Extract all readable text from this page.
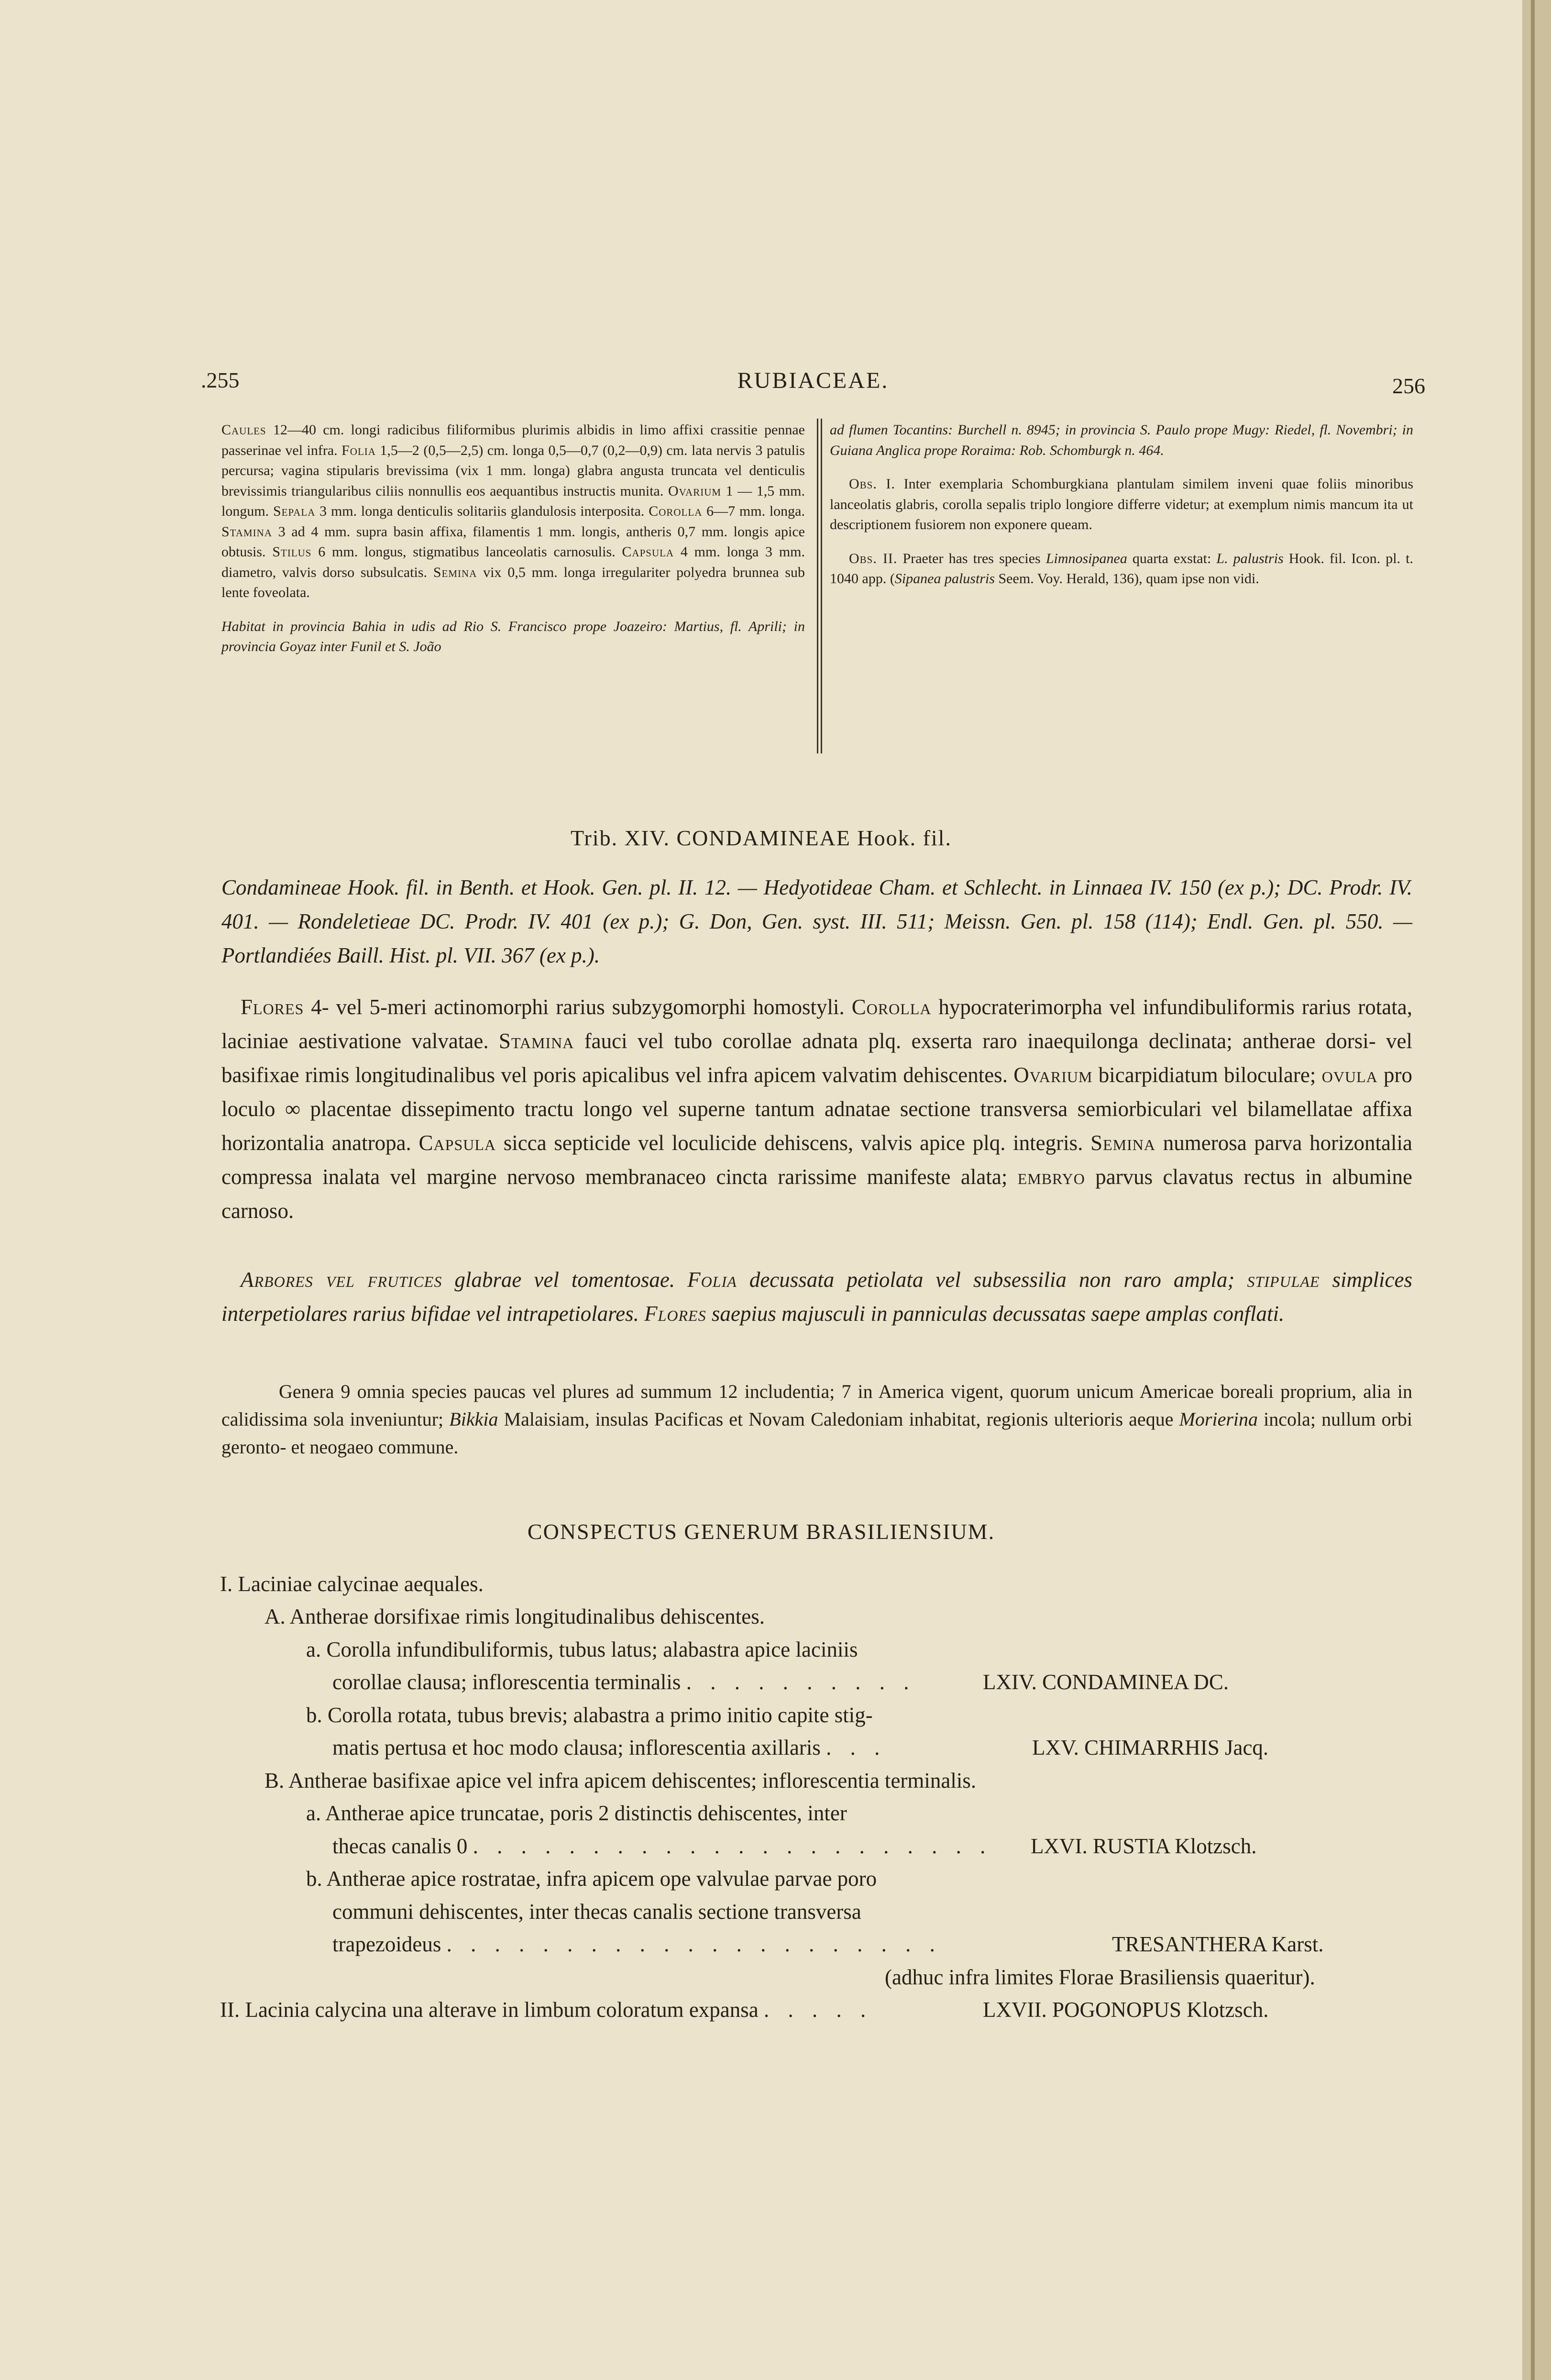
.255	RUBIACEAE.	256

Caules 12—40 cm. longi radicibus filiformibus plurimis albidis in limo affixi crassitie pennae passerinae vel infra. Folia 1,5—2 (0,5—2,5) cm. longa 0,5—0,7 (0,2—0,9) cm. lata nervis 3 patulis percursa; vagina stipularis brevissima (vix 1 mm. longa) glabra angusta truncata vel denticulis brevissimis triangularibus ciliis nonnullis eos aequantibus instructis munita. Ovarium 1 — 1,5 mm. longum. Sepala 3 mm. longa denticulis solitariis glandulosis interposita. Corolla 6—7 mm. longa. Stamina 3 ad 4 mm. supra basin affixa, filamentis 1 mm. longis, antheris 0,7 mm. longis apice obtusis. Stilus 6 mm. longus, stigmatibus lanceolatis carnosulis. Capsula 4 mm. longa 3 mm. diametro, valvis dorso subsulcatis. Semina vix 0,5 mm. longa irregulariter polyedra brunnea sub lente foveolata.

Habitat in provincia Bahia in udis ad Rio S. Francisco prope Joazeiro: Martius, fl. Aprili; in provincia Goyaz inter Funil et S. João

ad flumen Tocantins: Burchell n. 8945; in provincia S. Paulo prope Mugy: Riedel, fl. Novembri; in Guiana Anglica prope Roraima: Rob. Schomburgk n. 464.

Obs. I. Inter exemplaria Schomburgkiana plantulam similem inveni quae foliis minoribus lanceolatis glabris, corolla sepalis triplo longiore differre videtur; at exemplum nimis mancum ita ut descriptionem fusiorem non exponere queam.

Obs. II. Praeter has tres species Limnosipanea quarta exstat: L. palustris Hook. fil. Icon. pl. t. 1040 app. (Sipanea palustris Seem. Voy. Herald, 136), quam ipse non vidi.

Trib. XIV. CONDAMINEAE Hook. fil.
Condamineae Hook. fil. in Benth. et Hook. Gen. pl. II. 12. — Hedyotideae Cham. et Schlecht. in Linnaea IV. 150 (ex p.); DC. Prodr. IV. 401. — Rondeletieae DC. Prodr. IV. 401 (ex p.); G. Don, Gen. syst. III. 511; Meissn. Gen. pl. 158 (114); Endl. Gen. pl. 550. — Portlandiées Baill. Hist. pl. VII. 367 (ex p.).
Flores 4- vel 5-meri actinomorphi rarius subzygomorphi homostyli. Corolla hypocraterimorpha vel infundibuliformis rarius rotata, laciniae aestivatione valvatae. Stamina fauci vel tubo corollae adnata plq. exserta raro inaequilonga declinata; antherae dorsi- vel basifixae rimis longitudinalibus vel poris apicalibus vel infra apicem valvatim dehiscentes. Ovarium bicarpidiatum biloculare; ovula pro loculo ∞ placentae dissepimento tractu longo vel superne tantum adnatae sectione transversa semiorbiculari vel bilamellatae affixa horizontalia anatropa. Capsula sicca septicide vel loculicide dehiscens, valvis apice plq. integris. Semina numerosa parva horizontalia compressa inalata vel margine nervoso membranaceo cincta rarissime manifeste alata; embryo parvus clavatus rectus in albumine carnoso.
Arbores vel frutices glabrae vel tomentosae. Folia decussata petiolata vel subsessilia non raro ampla; stipulae simplices interpetiolares rarius bifidae vel intrapetiolares. Flores saepius majusculi in panniculas decussatas saepe amplas conflati.
Genera 9 omnia species paucas vel plures ad summum 12 includentia; 7 in America vigent, quorum unicum Americae boreali proprium, alia in calidissima sola inveniuntur; Bikkia Malaisiam, insulas Pacificas et Novam Caledoniam inhabitat, regionis ulterioris aeque Morierina incola; nullum orbi geronto- et neogaeo commune.
CONSPECTUS GENERUM BRASILIENSIUM.
I. Laciniae calycinae aequales.
A. Antherae dorsifixae rimis longitudinalibus dehiscentes.
a. Corolla infundibuliformis, tubus latus; alabastra apice laciniis
corollae clausa; inflorescentia terminalis . . . . . . . . . .	LXIV. CONDAMINEA DC.
b. Corolla rotata, tubus brevis; alabastra a primo initio capite stig-
matis pertusa et hoc modo clausa; inflorescentia axillaris . . .	LXV. CHIMARRHIS Jacq.
B. Antherae basifixae apice vel infra apicem dehiscentes; inflorescentia terminalis.
a. Antherae apice truncatae, poris 2 distinctis dehiscentes, inter
thecas canalis 0 . . . . . . . . . . . . . . . . . . . . . . LXVI. RUSTIA Klotzsch.
b. Antherae apice rostratae, infra apicem ope valvulae parvae poro
communi dehiscentes, inter thecas canalis sectione transversa
trapezoideus . . . . . . . . . . . . . . . . . . . . .	TRESANTHERA Karst.
(adhuc infra limites Florae Brasiliensis quaeritur).
II. Lacinia calycina una alterave in limbum coloratum expansa . . . . .	LXVII. POGONOPUS Klotzsch.
